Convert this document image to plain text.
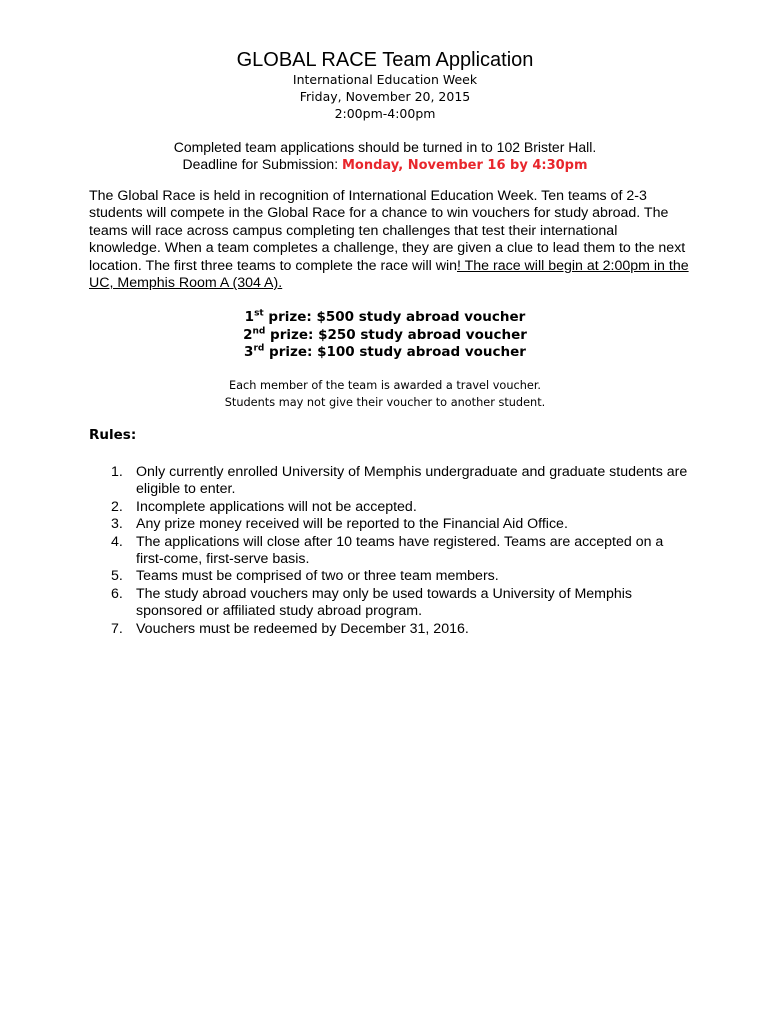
GLOBAL RACE Team Application
International Education Week
Friday, November 20, 2015
2:00pm-4:00pm
Completed team applications should be turned in to 102 Brister Hall.
Deadline for Submission: Monday, November 16 by 4:30pm
The Global Race is held in recognition of International Education Week. Ten teams of 2-3 students will compete in the Global Race for a chance to win vouchers for study abroad. The teams will race across campus completing ten challenges that test their international knowledge. When a team completes a challenge, they are given a clue to lead them to the next location. The first three teams to complete the race will win! The race will begin at 2:00pm in the UC, Memphis Room A (304 A).
1st prize: $500 study abroad voucher
2nd prize: $250 study abroad voucher
3rd prize: $100 study abroad voucher
Each member of the team is awarded a travel voucher.
Students may not give their voucher to another student.
Rules:
1. Only currently enrolled University of Memphis undergraduate and graduate students are eligible to enter.
2. Incomplete applications will not be accepted.
3. Any prize money received will be reported to the Financial Aid Office.
4. The applications will close after 10 teams have registered. Teams are accepted on a first-come, first-serve basis.
5. Teams must be comprised of two or three team members.
6. The study abroad vouchers may only be used towards a University of Memphis sponsored or affiliated study abroad program.
7. Vouchers must be redeemed by December 31, 2016.
